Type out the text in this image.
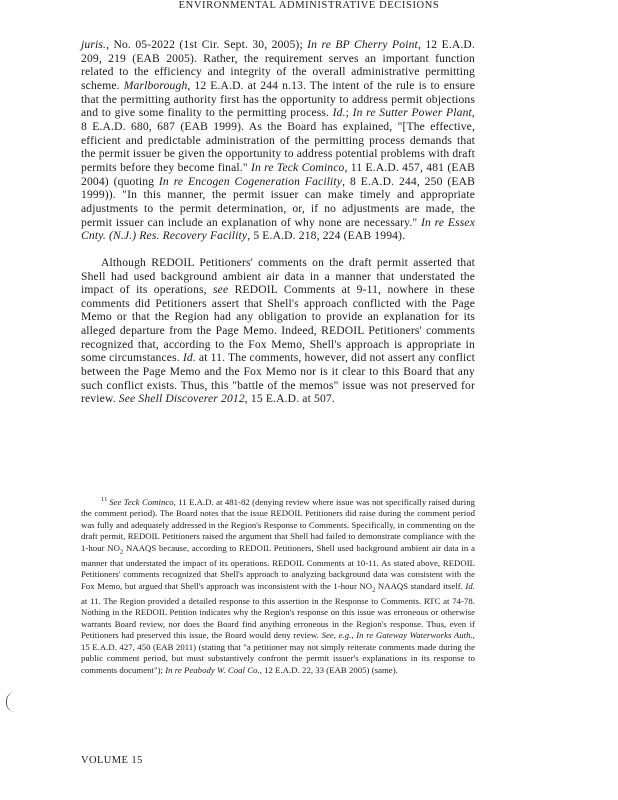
ENVIRONMENTAL ADMINISTRATIVE DECISIONS

juris., No. 05-2022 (1st Cir. Sept. 30, 2005); In re BP Cherry Point, 12 E.A.D. 209, 219 (EAB 2005). Rather, the requirement serves an important function related to the efficiency and integrity of the overall administrative permitting scheme. Marlborough, 12 E.A.D. at 244 n.13. The intent of the rule is to ensure that the permitting authority first has the opportunity to address permit objections and to give some finality to the permitting process. Id.; In re Sutter Power Plant, 8 E.A.D. 680, 687 (EAB 1999). As the Board has explained, "[The effective, efficient and predictable administration of the permitting process demands that the permit issuer be given the opportunity to address potential problems with draft permits before they become final." In re Teck Cominco, 11 E.A.D. 457, 481 (EAB 2004) (quoting In re Encogen Cogeneration Facility, 8 E.A.D. 244, 250 (EAB 1999)). "In this manner, the permit issuer can make timely and appropriate adjustments to the permit determination, or, if no adjustments are made, the permit issuer can include an explanation of why none are necessary." In re Essex Cnty. (N.J.) Res. Recovery Facility, 5 E.A.D. 218, 224 (EAB 1994).

Although REDOIL Petitioners' comments on the draft permit asserted that Shell had used background ambient air data in a manner that understated the impact of its operations, see REDOIL Comments at 9-11, nowhere in these comments did Petitioners assert that Shell's approach conflicted with the Page Memo or that the Region had any obligation to provide an explanation for its alleged departure from the Page Memo. Indeed, REDOIL Petitioners' comments recognized that, according to the Fox Memo, Shell's approach is appropriate in some circumstances. Id. at 11. The comments, however, did not assert any conflict between the Page Memo and the Fox Memo nor is it clear to this Board that any such conflict exists. Thus, this "battle of the memos" issue was not preserved for review. See Shell Discoverer 2012, 15 E.A.D. at 507.

$^{11}$ See Teck Cominco, 11 E.A.D. at 481-82 (denying review where issue was not specifically raised during the comment period). The Board notes that the issue REDOIL Petitioners did raise during the comment period was fully and adequately addressed in the Region's Response to Comments. Specifically, in commenting on the draft permit, REDOIL Petitioners raised the argument that Shell had failed to demonstrate compliance with the 1-hour $NO_2$ NAAQS because, according to REDOIL Petitioners, Shell used background ambient air data in a manner that understated the impact of its operations. REDOIL Comments at 10-11. As stated above, REDOIL Petitioners' comments recognized that Shell's approach to analyzing background data was consistent with the Fox Memo, but argued that Shell's approach was inconsistent with the 1-hour $NO_2$ NAAQS standard itself. Id. at 11. The Region provided a detailed response to this assertion in the Response to Comments. RTC at 74-78. Nothing in the REDOIL Petition indicates why the Region's response on this issue was erroneous or otherwise warrants Board review, nor does the Board find anything erroneous in the Region's response. Thus, even if Petitioners had preserved this issue, the Board would deny review. See, e.g., In re Gateway Waterworks Auth., 15 E.A.D. 427, 450 (EAB 2011) (stating that "a petitioner may not simply reiterate comments made during the public comment period, but must substantively confront the permit issuer's explanations in its response to comments document"); In re Peabody W. Coal Co., 12 E.A.D. 22, 33 (EAB 2005) (same).

VOLUME 15
